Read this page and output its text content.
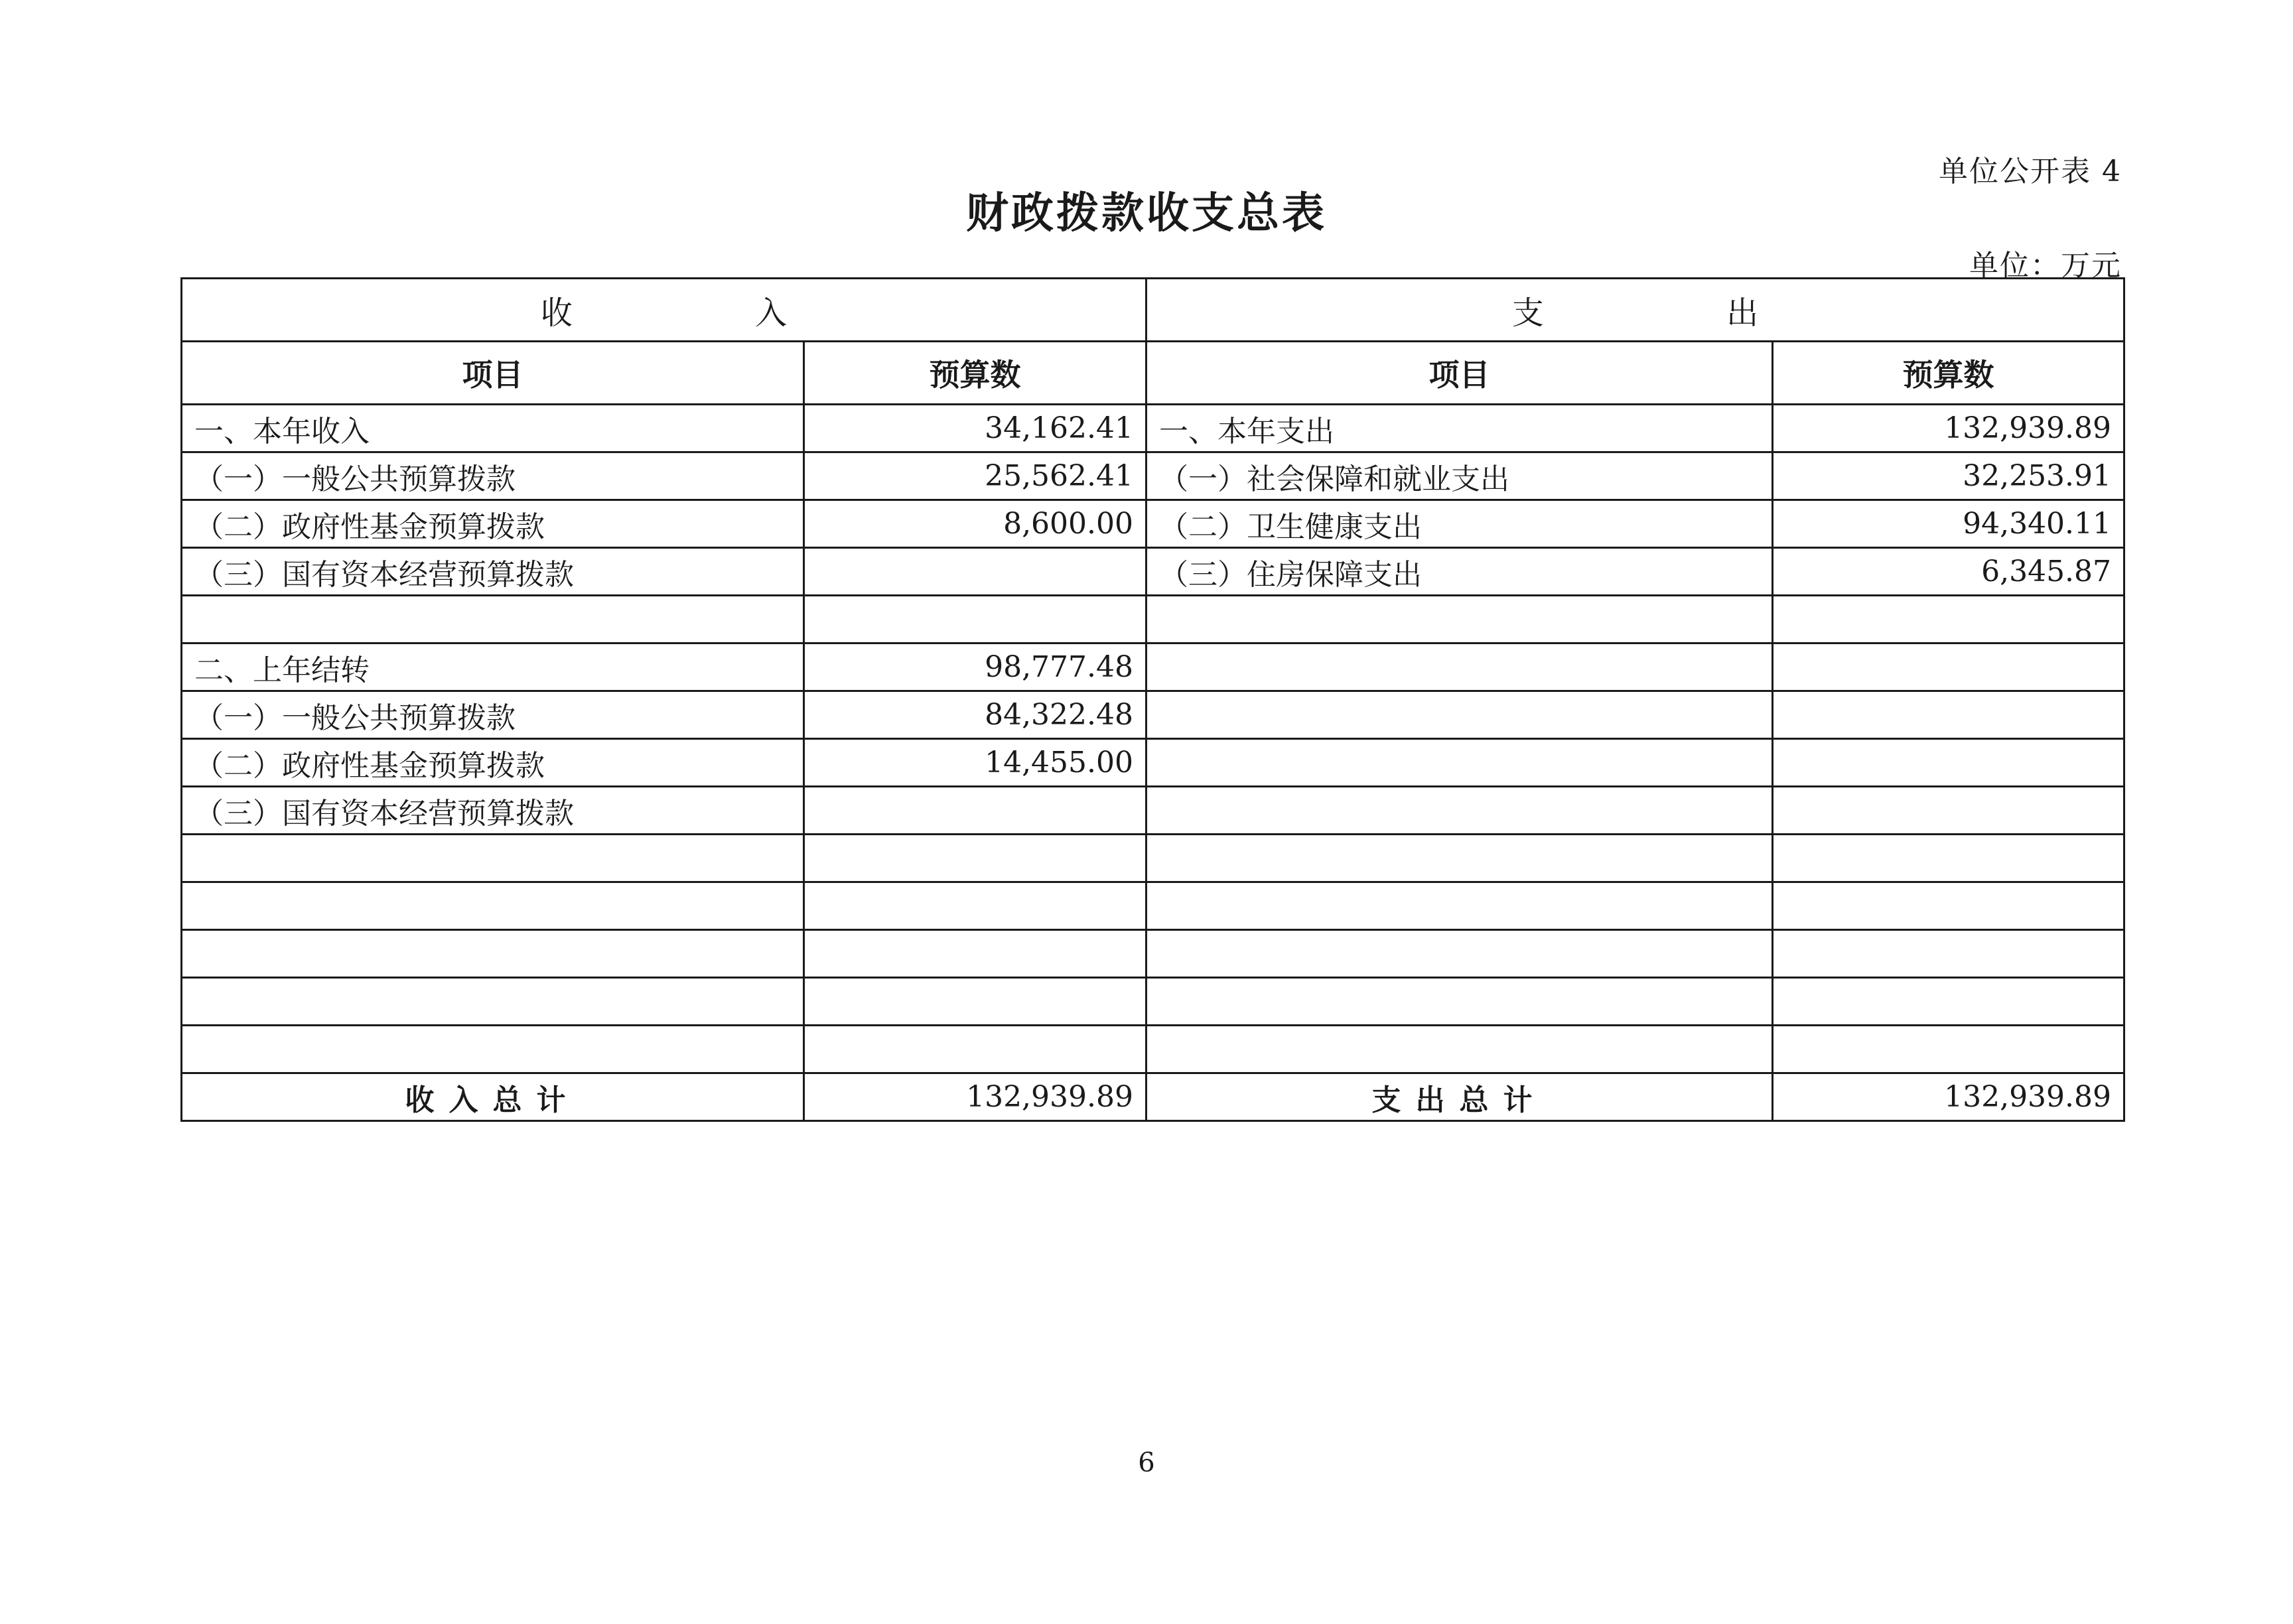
单位公开表 4
财政拨款收支总表
单位：万元
收 入		支 出	
项目	预算数	项目	预算数
一、本年收入	34,162.41	一、本年支出	132,939.89
（一）一般公共预算拨款	25,562.41	（一）社会保障和就业支出	32,253.91
（二）政府性基金预算拨款	8,600.00	（二）卫生健康支出	94,340.11
（三）国有资本经营预算拨款		（三）住房保障支出	6,345.87

二、上年结转	98,777.48		
（一）一般公共预算拨款	84,322.48		
（二）政府性基金预算拨款	14,455.00		
（三）国有资本经营预算拨款			

收入总计	132,939.89	支出总计	132,939.89
6
